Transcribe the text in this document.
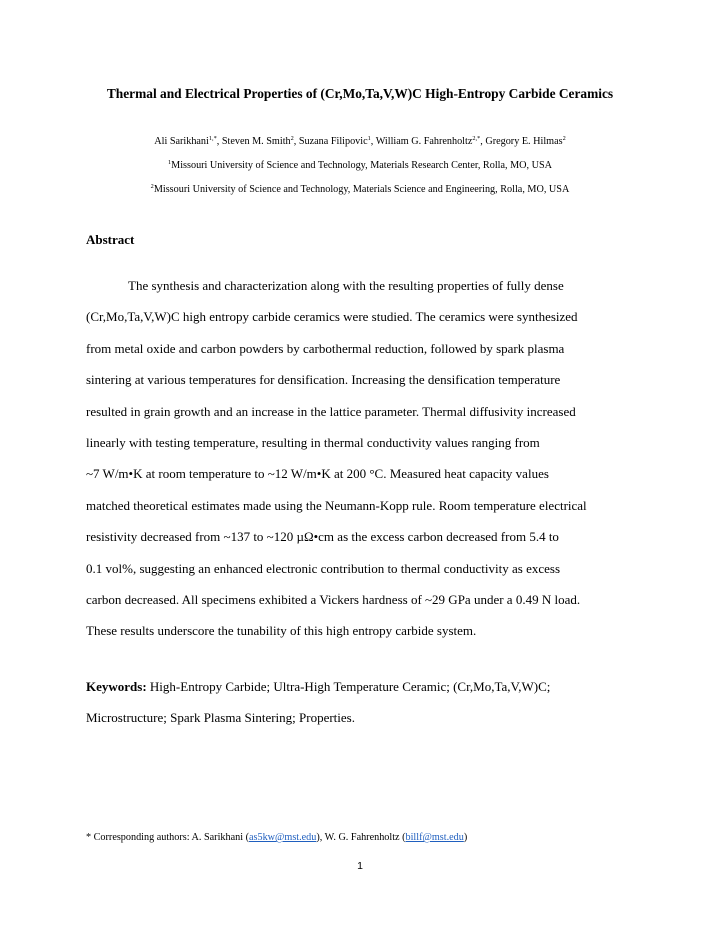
Thermal and Electrical Properties of (Cr,Mo,Ta,V,W)C High-Entropy Carbide Ceramics
Ali Sarikhani$^{1,*}$, Steven M. Smith$^2$, Suzana Filipovic$^1$, William G. Fahrenholtz$^{2,*}$, Gregory E. Hilmas$^2$
$^1$Missouri University of Science and Technology, Materials Research Center, Rolla, MO, USA
$^2$Missouri University of Science and Technology, Materials Science and Engineering, Rolla, MO, USA
Abstract

The synthesis and characterization along with the resulting properties of fully dense
(Cr,Mo,Ta,V,W)C high entropy carbide ceramics were studied. The ceramics were synthesized
from metal oxide and carbon powders by carbothermal reduction, followed by spark plasma
sintering at various temperatures for densification. Increasing the densification temperature
resulted in grain growth and an increase in the lattice parameter. Thermal diffusivity increased
linearly with testing temperature, resulting in thermal conductivity values ranging from
~7 W/m•K at room temperature to ~12 W/m•K at 200 °C. Measured heat capacity values
matched theoretical estimates made using the Neumann-Kopp rule. Room temperature electrical
resistivity decreased from ~137 to ~120 µΩ•cm as the excess carbon decreased from 5.4 to
0.1 vol%, suggesting an enhanced electronic contribution to thermal conductivity as excess
carbon decreased. All specimens exhibited a Vickers hardness of ~29 GPa under a 0.49 N load.
These results underscore the tunability of this high entropy carbide system.

Keywords: High-Entropy Carbide; Ultra-High Temperature Ceramic; (Cr,Mo,Ta,V,W)C;
Microstructure; Spark Plasma Sintering; Properties.
* Corresponding authors: A. Sarikhani (as5kw@mst.edu), W. G. Fahrenholtz (billf@mst.edu)
1
